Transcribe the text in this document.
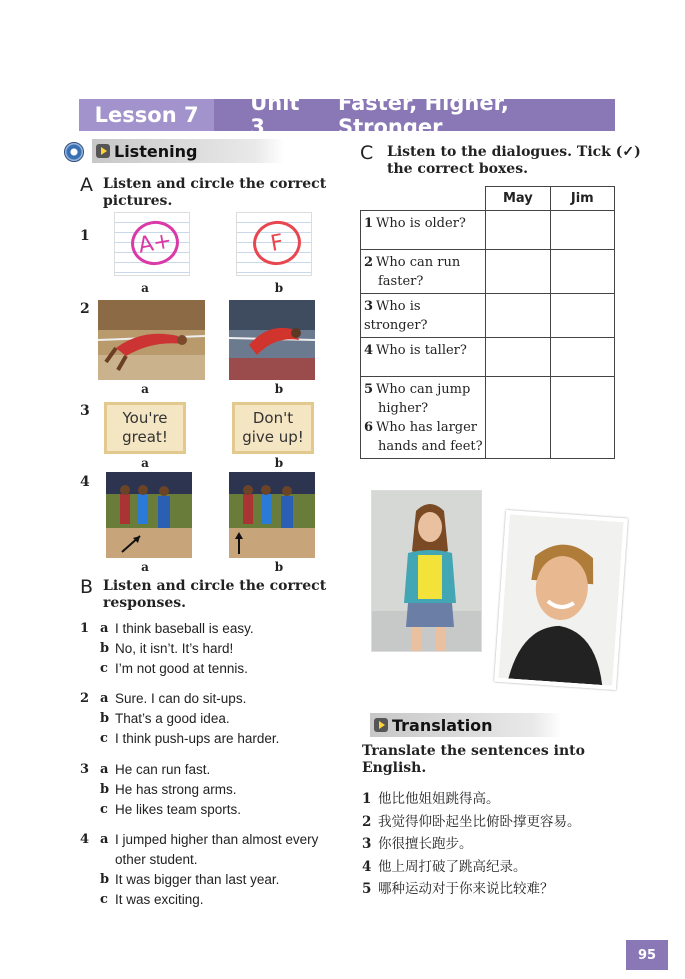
Lesson 7	Unit 3
Faster, Higher, Stronger
Listening
A Listen and circle the correct
pictures.
1	A+	F
a	b
2
a	b
3 You're
great!
Don't
give up!
a	b
4
a	b
B Listen and circle the correct
responses.
1 a I think baseball is easy.
b No, it isn’t. It’s hard!
c I’m not good at tennis.
2 a Sure. I can do sit-ups.
b That’s a good idea.
c I think push-ups are harder.
3 a He can run fast.
b He has strong arms.
c He likes team sports.
4 a I jumped higher than almost every
other student.
b It was bigger than last year.
c It was exciting.
C Listen to the dialogues. Tick (✓)
the correct boxes.
	May	Jim
1 Who is older?		
2 Who can run
faster?		
3 Who is stronger?		
4 Who is taller?		
5 Who can jump
higher?
6 Who has larger
hands and feet?		
Translation
Translate the sentences into
English.
1 他比他姐姐跳得高。
2 我觉得仰卧起坐比俯卧撑更容易。
3 你很擅长跑步。
4 他上周打破了跳高纪录。
5 哪种运动对于你来说比较难？
95
